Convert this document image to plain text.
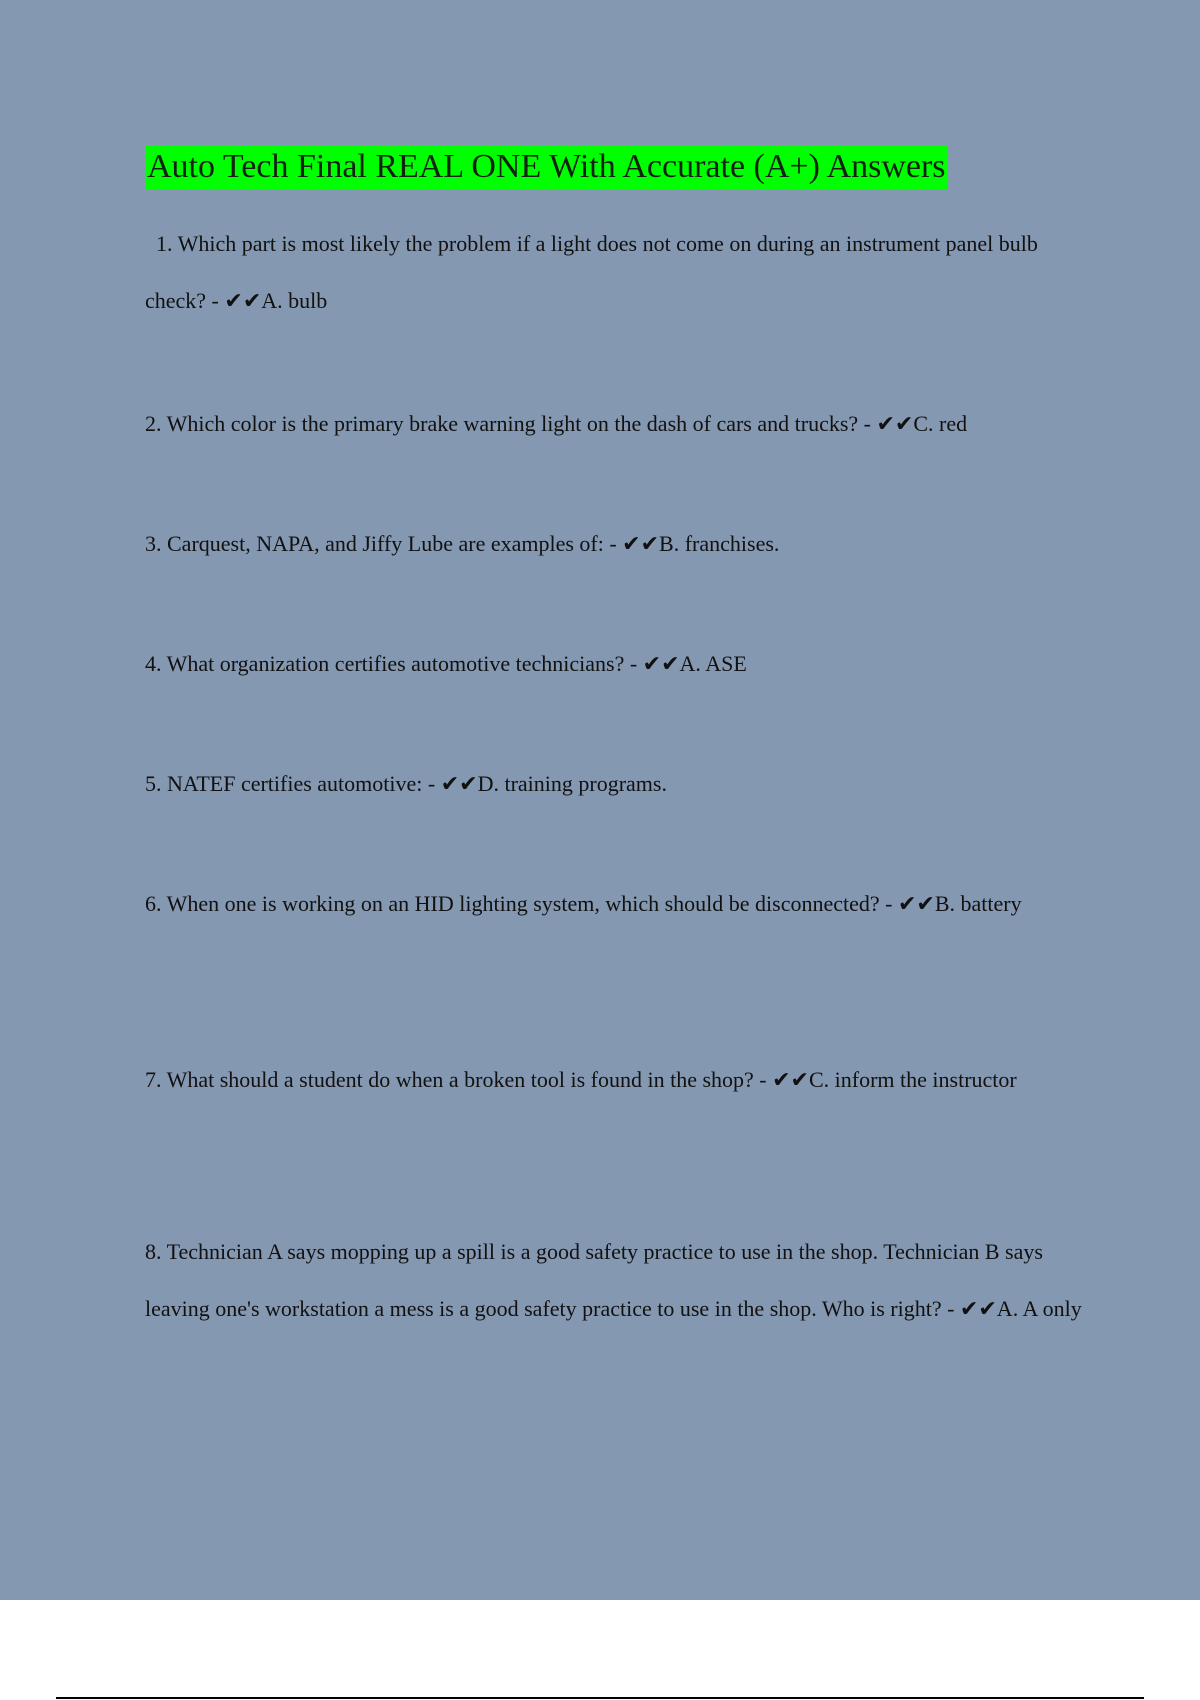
Auto Tech Final REAL ONE With Accurate (A+) Answers

1. Which part is most likely the problem if a light does not come on during an instrument panel bulb check? - ✔✔A. bulb

2. Which color is the primary brake warning light on the dash of cars and trucks? - ✔✔C. red

3. Carquest, NAPA, and Jiffy Lube are examples of: - ✔✔B. franchises.

4. What organization certifies automotive technicians? - ✔✔A. ASE

5. NATEF certifies automotive: - ✔✔D. training programs.

6. When one is working on an HID lighting system, which should be disconnected? - ✔✔B. battery

7. What should a student do when a broken tool is found in the shop? - ✔✔C. inform the instructor

8. Technician A says mopping up a spill is a good safety practice to use in the shop. Technician B says leaving one's workstation a mess is a good safety practice to use in the shop. Who is right? - ✔✔A. A only
